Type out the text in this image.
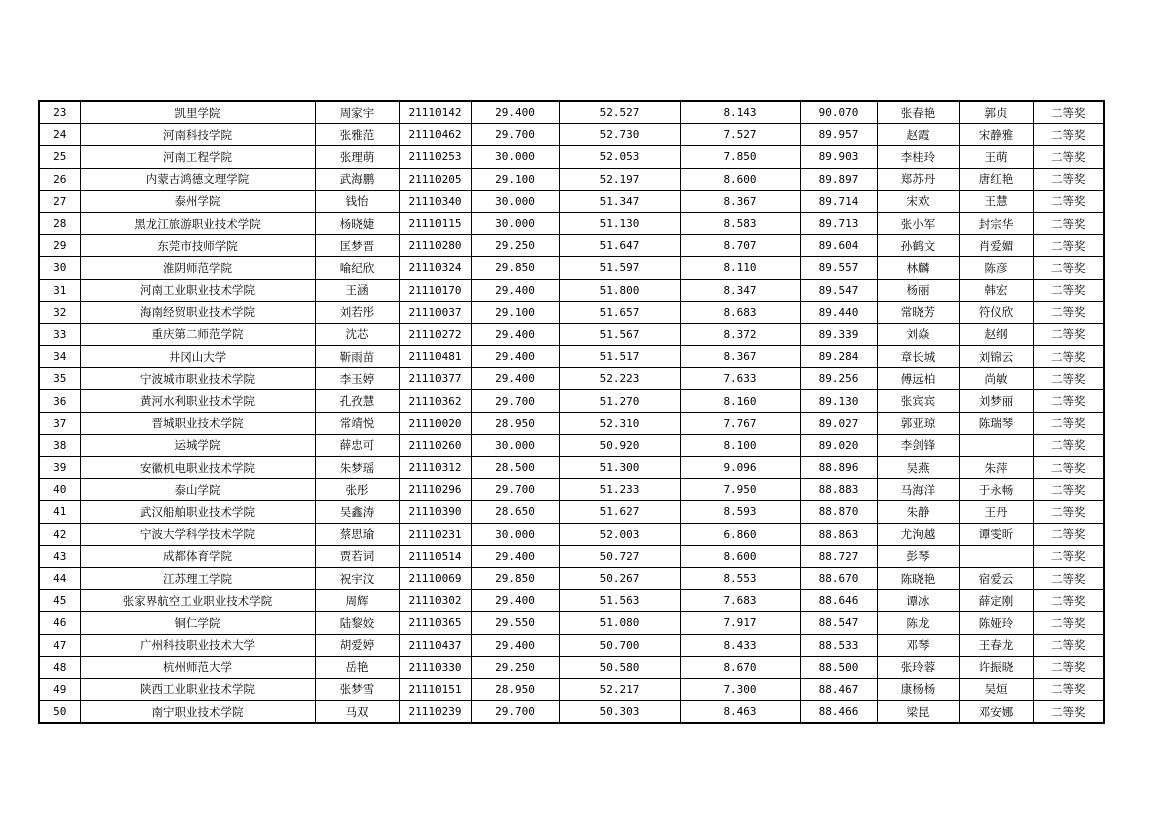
23	凯里学院	周家宇	21110142	29.400	52.527	8.143	90.070	张春艳	郭贞	二等奖
24	河南科技学院	张雅范	21110462	29.700	52.730	7.527	89.957	赵霞	宋静雅	二等奖
25	河南工程学院	张理萌	21110253	30.000	52.053	7.850	89.903	李桂玲	王萌	二等奖
26	内蒙古鸿德文理学院	武海鹏	21110205	29.100	52.197	8.600	89.897	郑苏丹	唐红艳	二等奖
27	泰州学院	钱怡	21110340	30.000	51.347	8.367	89.714	宋欢	王慧	二等奖
28	黑龙江旅游职业技术学院	杨晓婕	21110115	30.000	51.130	8.583	89.713	张小军	封宗华	二等奖
29	东莞市技师学院	匡梦晋	21110280	29.250	51.647	8.707	89.604	孙鹤文	肖爱媚	二等奖
30	淮阴师范学院	喻纪欣	21110324	29.850	51.597	8.110	89.557	林麟	陈彦	二等奖
31	河南工业职业技术学院	王涵	21110170	29.400	51.800	8.347	89.547	杨丽	韩宏	二等奖
32	海南经贸职业技术学院	刘若彤	21110037	29.100	51.657	8.683	89.440	常晓芳	符仪欣	二等奖
33	重庆第二师范学院	沈芯	21110272	29.400	51.567	8.372	89.339	刘焱	赵纲	二等奖
34	井冈山大学	靳雨苗	21110481	29.400	51.517	8.367	89.284	章长城	刘锦云	二等奖
35	宁波城市职业技术学院	李玉婷	21110377	29.400	52.223	7.633	89.256	傅远柏	尚敏	二等奖
36	黄河水利职业技术学院	孔孜慧	21110362	29.700	51.270	8.160	89.130	张宾宾	刘梦丽	二等奖
37	晋城职业技术学院	常靖悦	21110020	28.950	52.310	7.767	89.027	郭亚琼	陈瑞琴	二等奖
38	运城学院	薛忠可	21110260	30.000	50.920	8.100	89.020	李剑锋		二等奖
39	安徽机电职业技术学院	朱梦瑶	21110312	28.500	51.300	9.096	88.896	吴燕	朱萍	二等奖
40	泰山学院	张彤	21110296	29.700	51.233	7.950	88.883	马海洋	于永畅	二等奖
41	武汉船舶职业技术学院	吴鑫涛	21110390	28.650	51.627	8.593	88.870	朱静	王丹	二等奖
42	宁波大学科学技术学院	蔡思瑜	21110231	30.000	52.003	6.860	88.863	尤洵越	谭雯昕	二等奖
43	成都体育学院	贾若词	21110514	29.400	50.727	8.600	88.727	彭琴		二等奖
44	江苏理工学院	祝宇汶	21110069	29.850	50.267	8.553	88.670	陈晓艳	宿爱云	二等奖
45	张家界航空工业职业技术学院	周辉	21110302	29.400	51.563	7.683	88.646	谭冰	薛定刚	二等奖
46	铜仁学院	陆黎姣	21110365	29.550	51.080	7.917	88.547	陈龙	陈娅玲	二等奖
47	广州科技职业技术大学	胡爱婷	21110437	29.400	50.700	8.433	88.533	邓琴	王春龙	二等奖
48	杭州师范大学	岳艳	21110330	29.250	50.580	8.670	88.500	张玲蓉	许振晓	二等奖
49	陕西工业职业技术学院	张梦雪	21110151	28.950	52.217	7.300	88.467	康杨杨	吴烜	二等奖
50	南宁职业技术学院	马双	21110239	29.700	50.303	8.463	88.466	梁昆	邓安娜	二等奖
